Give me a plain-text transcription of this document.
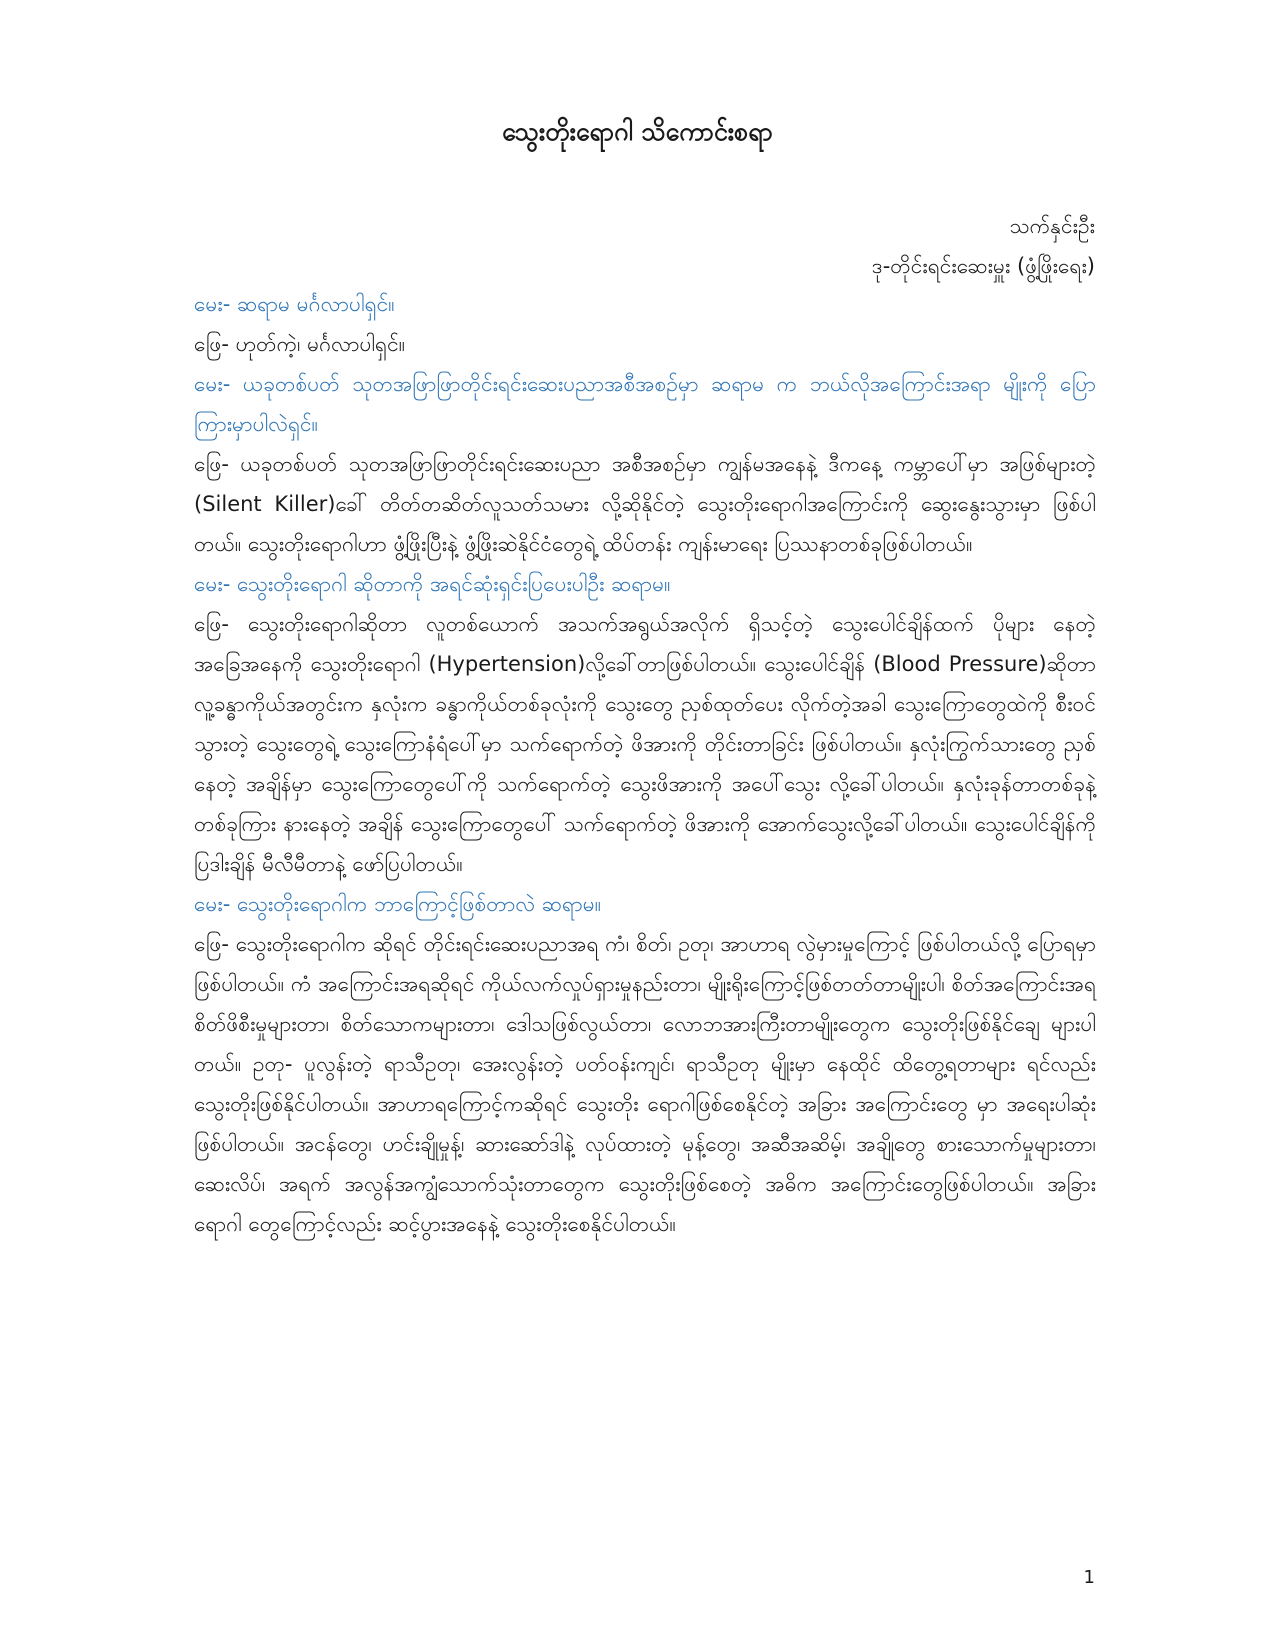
သွေးတိုးရောဂါ သိကောင်းစရာ
သက်နှင်းဦး
ဒု-တိုင်းရင်းဆေးမှူး (ဖွံ့ဖြိုးရေး)

မေး- ဆရာမ မင်္ဂလာပါရှင်။

ဖြေ- ဟုတ်ကဲ့၊ မင်္ဂလာပါရှင်။

မေး- ယခုတစ်ပတ် သုတအဖြာဖြာတိုင်းရင်းဆေးပညာအစီအစဉ်မှာ ဆရာမ က ဘယ်လိုအကြောင်းအရာ မျိုးကို ပြောကြားမှာပါလဲရှင်။

ဖြေ- ယခုတစ်ပတ် သုတအဖြာဖြာတိုင်းရင်းဆေးပညာ အစီအစဉ်မှာ ကျွန်မအနေနဲ့ ဒီကနေ့ ကမ္ဘာပေါ်မှာ အဖြစ်များတဲ့ (Silent Killer)ခေါ် တိတ်တဆိတ်လူသတ်သမား လို့ဆိုနိုင်တဲ့ သွေးတိုးရောဂါအကြောင်းကို ဆွေးနွေးသွားမှာ ဖြစ်ပါတယ်။ သွေးတိုးရောဂါဟာ ဖွံ့ဖြိုးပြီးနဲ့ ဖွံ့ဖြိုးဆဲနိုင်ငံတွေရဲ့ ထိပ်တန်း ကျန်းမာရေး ပြဿနာတစ်ခုဖြစ်ပါတယ်။

မေး- သွေးတိုးရောဂါ ဆိုတာကို အရင်ဆုံးရှင်းပြပေးပါဦး ဆရာမ။

ဖြေ- သွေးတိုးရောဂါဆိုတာ လူတစ်ယောက် အသက်အရွယ်အလိုက် ရှိသင့်တဲ့ သွေးပေါင်ချိန်ထက် ပိုများ နေတဲ့ အခြေအနေကို သွေးတိုးရောဂါ (Hypertension)လို့ခေါ်တာဖြစ်ပါတယ်။ သွေးပေါင်ချိန် (Blood Pressure)ဆိုတာ လူ့ခန္ဓာကိုယ်အတွင်းက နှလုံးက ခန္ဓာကိုယ်တစ်ခုလုံးကို သွေးတွေ ညှစ်ထုတ်ပေး လိုက်တဲ့အခါ သွေးကြောတွေထဲကို စီးဝင်သွားတဲ့ သွေးတွေရဲ့ သွေးကြောနံရံပေါ်မှာ သက်ရောက်တဲ့ ဖိအားကို တိုင်းတာခြင်း ဖြစ်ပါတယ်။ နှလုံးကြွက်သားတွေ ညှစ်နေတဲ့ အချိန်မှာ သွေးကြောတွေပေါ်ကို သက်ရောက်တဲ့ သွေးဖိအားကို အပေါ်သွေး လို့ခေါ်ပါတယ်။ နှလုံးခုန်တာတစ်ခုနဲ့ တစ်ခုကြား နားနေတဲ့ အချိန် သွေးကြောတွေပေါ် သက်ရောက်တဲ့ ဖိအားကို အောက်သွေးလို့ခေါ်ပါတယ်။ သွေးပေါင်ချိန်ကို ပြဒါးချိန် မီလီမီတာနဲ့ ဖော်ပြပါတယ်။

မေး- သွေးတိုးရောဂါက ဘာကြောင့်ဖြစ်တာလဲ ဆရာမ။

ဖြေ- သွေးတိုးရောဂါက ဆိုရင် တိုင်းရင်းဆေးပညာအရ ကံ၊ စိတ်၊ ဥတု၊ အာဟာရ လွဲမှားမှုကြောင့် ဖြစ်ပါတယ်လို့ ပြောရမှာ ဖြစ်ပါတယ်။ ကံ အကြောင်းအရဆိုရင် ကိုယ်လက်လှုပ်ရှားမှုနည်းတာ၊ မျိုးရိုးကြောင့်ဖြစ်တတ်တာမျိုးပါ၊ စိတ်အကြောင်းအရ စိတ်ဖိစီးမှုများတာ၊ စိတ်သောကများတာ၊ ဒေါသဖြစ်လွယ်တာ၊ လောဘအားကြီးတာမျိုးတွေက သွေးတိုးဖြစ်နိုင်ချေ များပါ တယ်။ ဥတု- ပူလွန်းတဲ့ ရာသီဥတု၊ အေးလွန်းတဲ့ ပတ်ဝန်းကျင်၊ ရာသီဥတု မျိုးမှာ နေထိုင် ထိတွေ့ရတာများ ရင်လည်း သွေးတိုးဖြစ်နိုင်ပါတယ်။ အာဟာရကြောင့်ကဆိုရင် သွေးတိုး ရောဂါဖြစ်စေနိုင်တဲ့ အခြား အကြောင်းတွေ မှာ အရေးပါဆုံး ဖြစ်ပါတယ်။ အငန်တွေ၊ ဟင်းချိုမှုန့်၊ ဆားဆော်ဒါနဲ့ လုပ်ထားတဲ့ မုန့်တွေ၊ အဆီအဆိမ့်၊ အချိုတွေ စားသောက်မှုများတာ၊ ဆေးလိပ်၊ အရက် အလွန်အကျွံသောက်သုံးတာတွေက သွေးတိုးဖြစ်စေတဲ့ အဓိက အကြောင်းတွေဖြစ်ပါတယ်။ အခြားရောဂါ တွေကြောင့်လည်း ဆင့်ပွားအနေနဲ့ သွေးတိုးစေနိုင်ပါတယ်။

1
